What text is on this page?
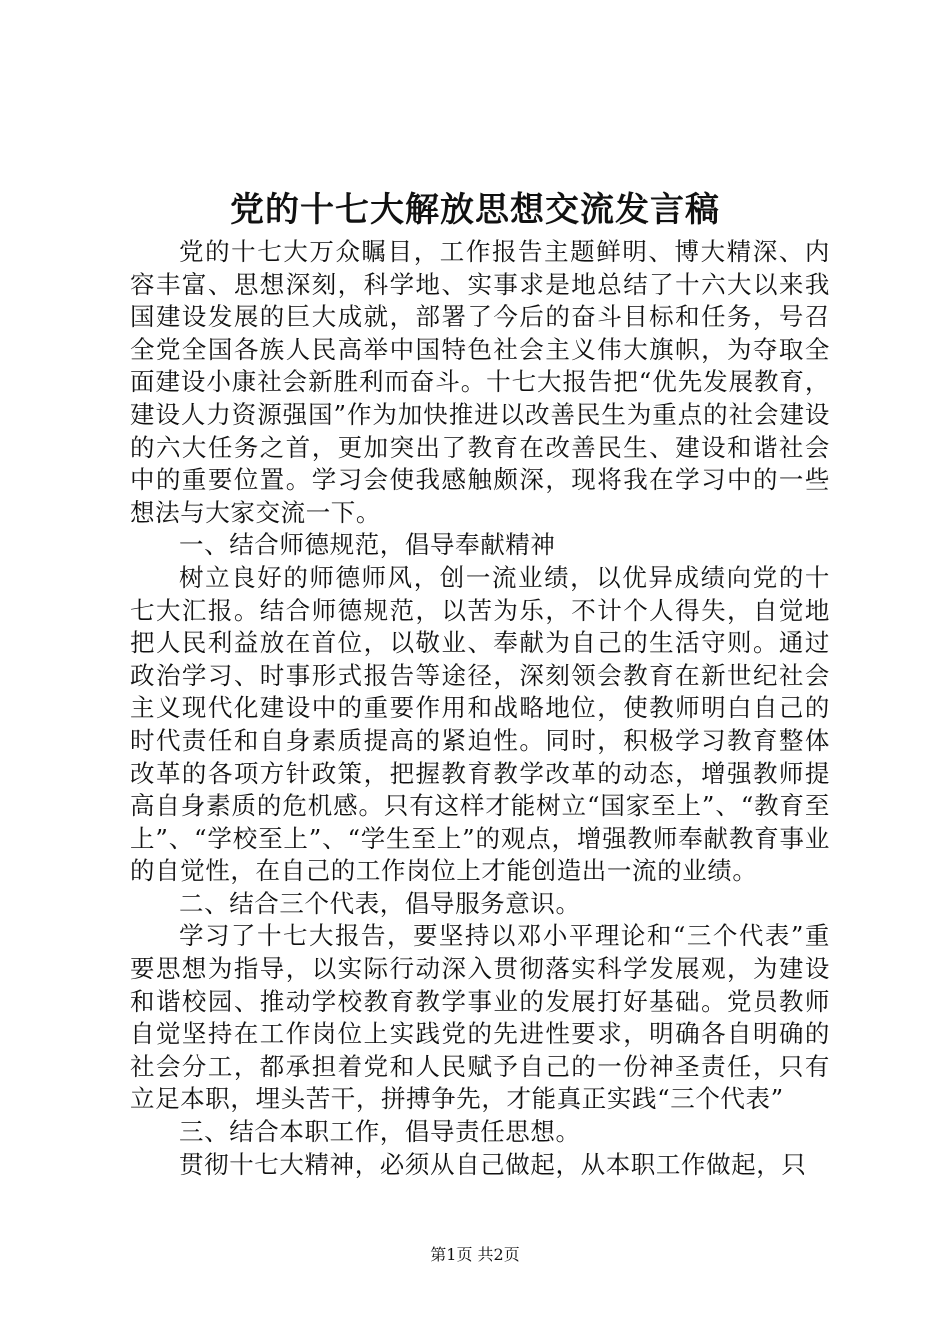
党的十七大解放思想交流发言稿

党的十七大万众瞩目，工作报告主题鲜明、博大精深、内容丰富、思想深刻，科学地、实事求是地总结了十六大以来我国建设发展的巨大成就，部署了今后的奋斗目标和任务，号召全党全国各族人民高举中国特色社会主义伟大旗帜，为夺取全面建设小康社会新胜利而奋斗。十七大报告把“优先发展教育，建设人力资源强国”作为加快推进以改善民生为重点的社会建设的六大任务之首，更加突出了教育在改善民生、建设和谐社会中的重要位置。学习会使我感触颇深，现将我在学习中的一些想法与大家交流一下。

一、结合师德规范，倡导奉献精神

树立良好的师德师风，创一流业绩，以优异成绩向党的十七大汇报。结合师德规范，以苦为乐，不计个人得失，自觉地把人民利益放在首位，以敬业、奉献为自己的生活守则。通过政治学习、时事形式报告等途径，深刻领会教育在新世纪社会主义现代化建设中的重要作用和战略地位，使教师明白自己的时代责任和自身素质提高的紧迫性。同时，积极学习教育整体改革的各项方针政策，把握教育教学改革的动态，增强教师提高自身素质的危机感。只有这样才能树立“国家至上”、“教育至上”、“学校至上”、“学生至上”的观点，增强教师奉献教育事业的自觉性，在自己的工作岗位上才能创造出一流的业绩。

二、结合三个代表，倡导服务意识。

学习了十七大报告，要坚持以邓小平理论和“三个代表”重要思想为指导，以实际行动深入贯彻落实科学发展观，为建设和谐校园、推动学校教育教学事业的发展打好基础。党员教师自觉坚持在工作岗位上实践党的先进性要求，明确各自明确的社会分工，都承担着党和人民赋予自己的一份神圣责任，只有立足本职，埋头苦干，拼搏争先，才能真正实践“三个代表”

三、结合本职工作，倡导责任思想。

贯彻十七大精神，必须从自己做起，从本职工作做起，只

第1页 共2页
